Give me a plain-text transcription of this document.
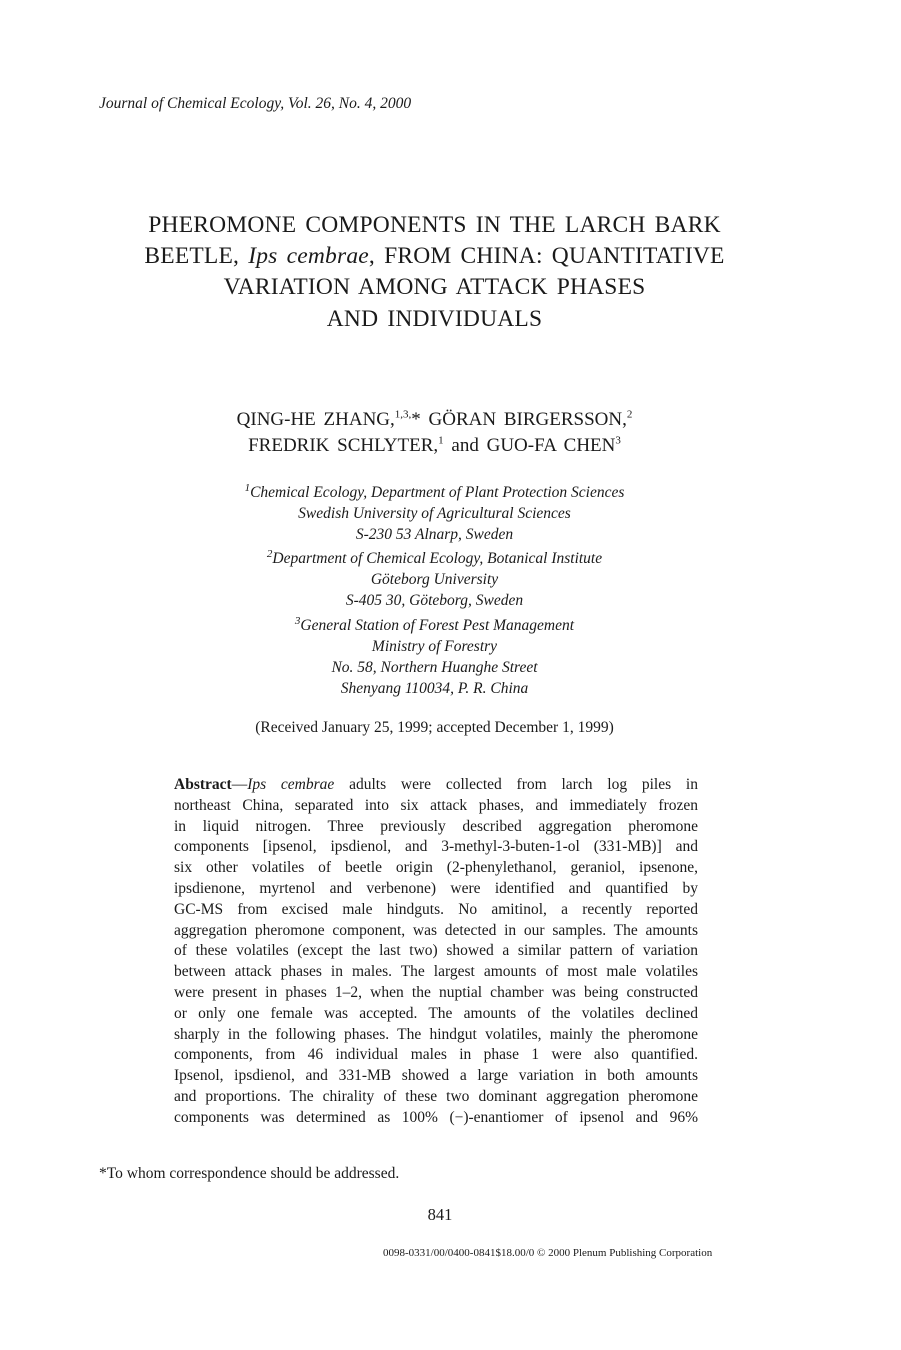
Journal of Chemical Ecology, Vol. 26, No. 4, 2000
PHEROMONE COMPONENTS IN THE LARCH BARK
BEETLE, Ips cembrae, FROM CHINA: QUANTITATIVE
VARIATION AMONG ATTACK PHASES
AND INDIVIDUALS
QING-HE ZHANG,$^{1,3,}$* GÖRAN BIRGERSSON,$^2$
FREDRIK SCHLYTER,$^1$ and GUO-FA CHEN$^3$
$^1$Chemical Ecology, Department of Plant Protection Sciences
Swedish University of Agricultural Sciences
S-230 53 Alnarp, Sweden
$^2$Department of Chemical Ecology, Botanical Institute
Göteborg University
S-405 30, Göteborg, Sweden
$^3$General Station of Forest Pest Management
Ministry of Forestry
No. 58, Northern Huanghe Street
Shenyang 110034, P. R. China
(Received January 25, 1999; accepted December 1, 1999)
Abstract—Ips cembrae adults were collected from larch log piles in
northeast China, separated into six attack phases, and immediately frozen
in liquid nitrogen. Three previously described aggregation pheromone
components [ipsenol, ipsdienol, and 3-methyl-3-buten-1-ol (331-MB)] and
six other volatiles of beetle origin (2-phenylethanol, geraniol, ipsenone,
ipsdienone, myrtenol and verbenone) were identified and quantified by
GC-MS from excised male hindguts. No amitinol, a recently reported
aggregation pheromone component, was detected in our samples. The amounts
of these volatiles (except the last two) showed a similar pattern of variation
between attack phases in males. The largest amounts of most male volatiles
were present in phases 1–2, when the nuptial chamber was being constructed
or only one female was accepted. The amounts of the volatiles declined
sharply in the following phases. The hindgut volatiles, mainly the pheromone
components, from 46 individual males in phase 1 were also quantified.
Ipsenol, ipsdienol, and 331-MB showed a large variation in both amounts
and proportions. The chirality of these two dominant aggregation pheromone
components was determined as 100% (−)-enantiomer of ipsenol and 96%
*To whom correspondence should be addressed.
841
0098-0331/00/0400-0841$18.00/0 © 2000 Plenum Publishing Corporation
